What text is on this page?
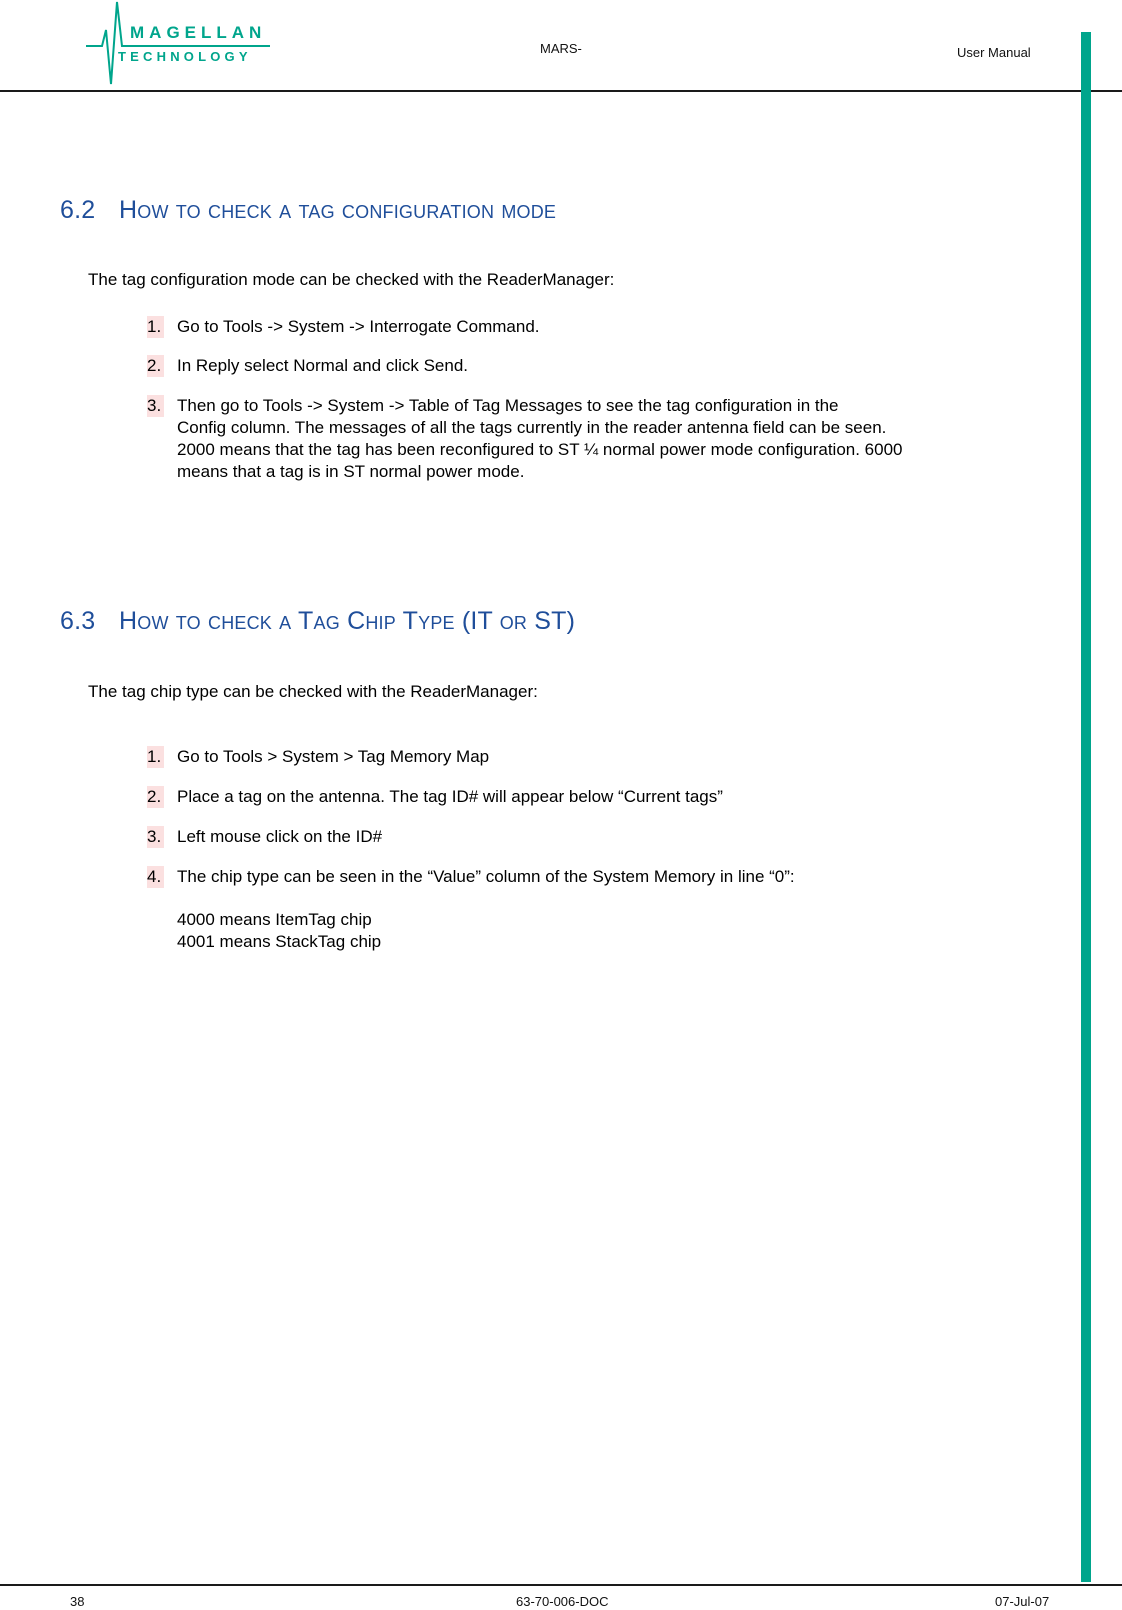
MAGELLAN
TECHNOLOGY
MARS-	User Manual
6.2 How to check a tag configuration mode
The tag configuration mode can be checked with the ReaderManager:
1. Go to Tools -> System -> Interrogate Command.
2. In Reply select Normal and click Send.
3. Then go to Tools -> System -> Table of Tag Messages to see the tag configuration in the
Config column. The messages of all the tags currently in the reader antenna field can be seen.
2000 means that the tag has been reconfigured to ST ¼ normal power mode configuration. 6000
means that a tag is in ST normal power mode.
6.3 How to check a Tag Chip Type (IT or ST)
The tag chip type can be checked with the ReaderManager:
1. Go to Tools > System > Tag Memory Map
2. Place a tag on the antenna. The tag ID# will appear below “Current tags”
3. Left mouse click on the ID#
4. The chip type can be seen in the “Value” column of the System Memory in line “0”:
4000 means ItemTag chip
4001 means StackTag chip
38	63-70-006-DOC	07-Jul-07
